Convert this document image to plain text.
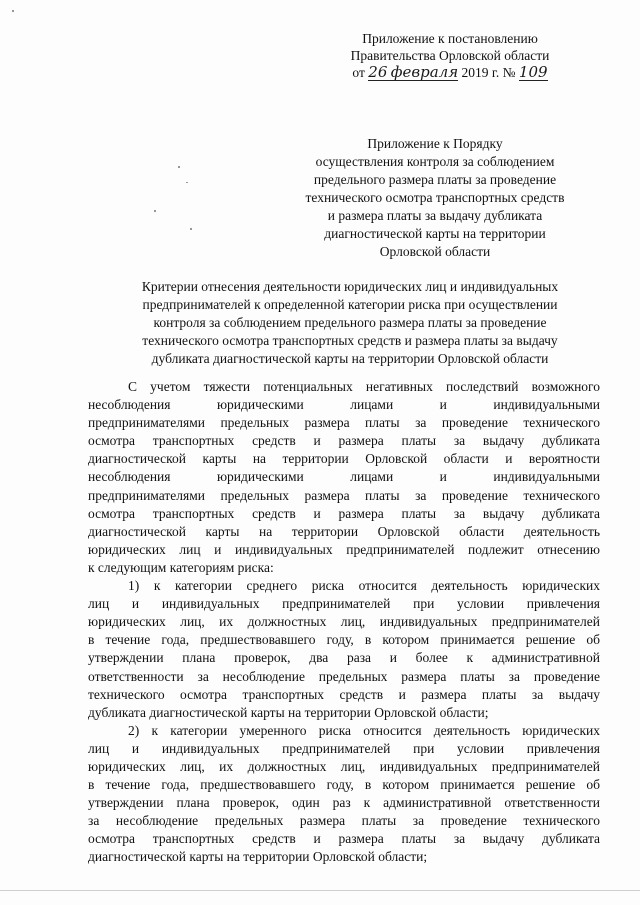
Приложение к постановлению
Правительства Орловской области
от 26 февраля 2019 г. № 109
Приложение к Порядку
осуществления контроля за соблюдением
предельного размера платы за проведение
технического осмотра транспортных средств
и размера платы за выдачу дубликата
диагностической карты на территории
Орловской области
Критерии отнесения деятельности юридических лиц и индивидуальных
предпринимателей к определенной категории риска при осуществлении
контроля за соблюдением предельного размера платы за проведение
технического осмотра транспортных средств и размера платы за выдачу
дубликата диагностической карты на территории Орловской области
С учетом тяжести потенциальных негативных последствий возможного
несоблюдения юридическими лицами и индивидуальными
предпринимателями предельных размера платы за проведение технического
осмотра транспортных средств и размера платы за выдачу дубликата
диагностической карты на территории Орловской области и вероятности
несоблюдения юридическими лицами и индивидуальными
предпринимателями предельных размера платы за проведение технического
осмотра транспортных средств и размера платы за выдачу дубликата
диагностической карты на территории Орловской области деятельность
юридических лиц и индивидуальных предпринимателей подлежит отнесению
к следующим категориям риска:
1) к категории среднего риска относится деятельность юридических
лиц и индивидуальных предпринимателей при условии привлечения
юридических лиц, их должностных лиц, индивидуальных предпринимателей
в течение года, предшествовавшего году, в котором принимается решение об
утверждении плана проверок, два раза и более к административной
ответственности за несоблюдение предельных размера платы за проведение
технического осмотра транспортных средств и размера платы за выдачу
дубликата диагностической карты на территории Орловской области;
2) к категории умеренного риска относится деятельность юридических
лиц и индивидуальных предпринимателей при условии привлечения
юридических лиц, их должностных лиц, индивидуальных предпринимателей
в течение года, предшествовавшего году, в котором принимается решение об
утверждении плана проверок, один раз к административной ответственности
за несоблюдение предельных размера платы за проведение технического
осмотра транспортных средств и размера платы за выдачу дубликата
диагностической карты на территории Орловской области;
